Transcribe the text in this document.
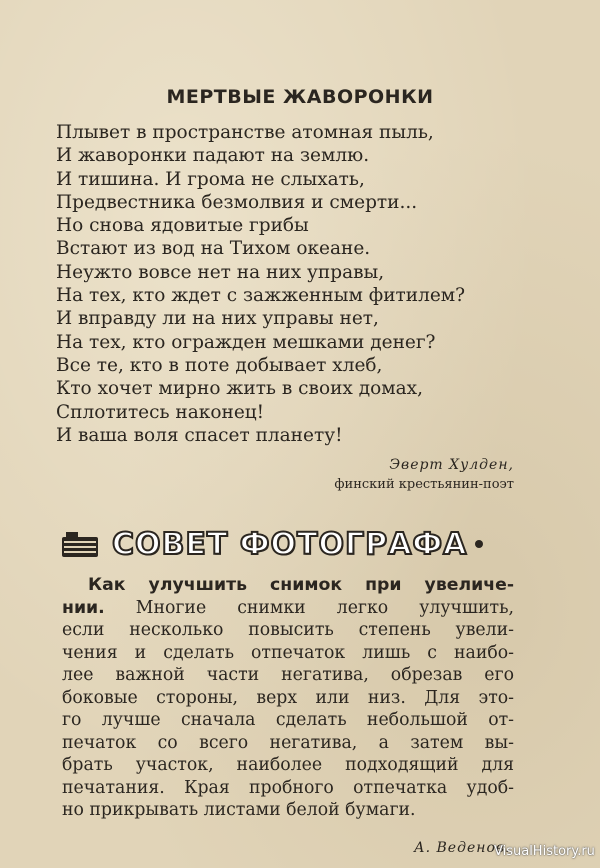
МЕРТВЫЕ ЖАВОРОНКИ
Плывет в пространстве атомная пыль,
И жаворонки падают на землю.
И тишина. И грома не слыхать,
Предвестника безмолвия и смерти...
Но снова ядовитые грибы
Встают из вод на Тихом океане.
Неужто вовсе нет на них управы,
На тех, кто ждет с зажженным фитилем?
И вправду ли на них управы нет,
На тех, кто огражден мешками денег?
Все те, кто в поте добывает хлеб,
Кто хочет мирно жить в своих домах,
Сплотитесь наконец!
И ваша воля спасет планету!
Эверт Хулден,
финский крестьянин-поэт
СОВЕТ ФОТОГРАФА
Как улучшить снимок при увеличе-
нии. Многие снимки легко улучшить,
если несколько повысить степень увели-
чения и сделать отпечаток лишь с наибо-
лее важной части негатива, обрезав его
боковые стороны, верх или низ. Для это-
го лучше сначала сделать небольшой от-
печаток со всего негатива, а затем вы-
брать участок, наиболее подходящий для
печатания. Края пробного отпечатка удоб-
но прикрывать листами белой бумаги.
А. Веденов.
VisualHistory.ru
